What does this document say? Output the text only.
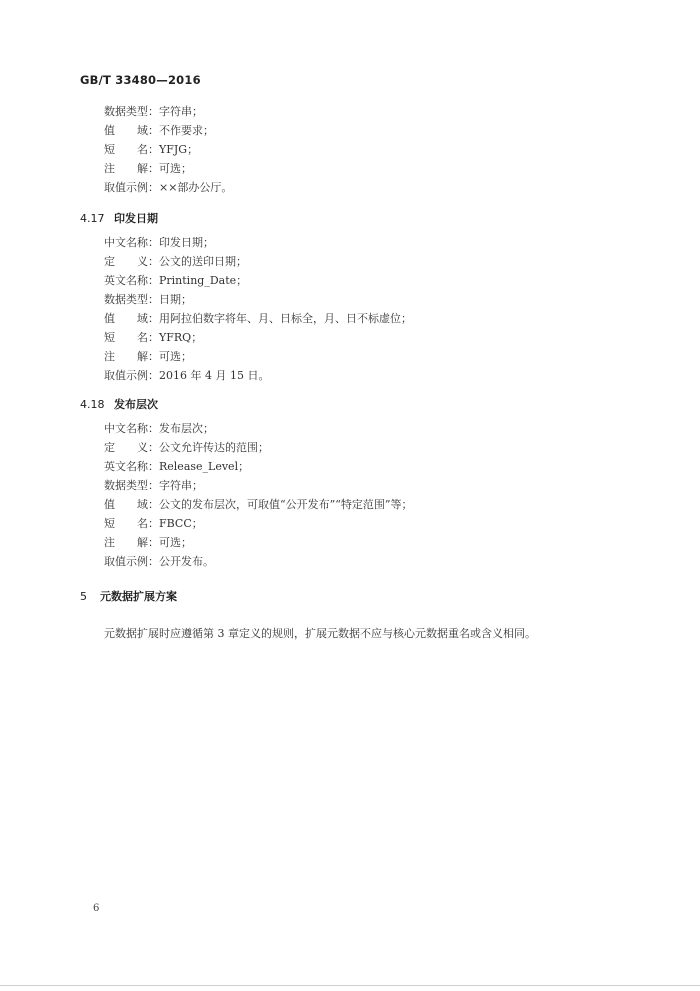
GB/T 33480—2016
数据类型：字符串；
值　　域：不作要求；
短　　名：YFJG；
注　　解：可选；
取值示例：××部办公厅。
4.17 印发日期
中文名称：印发日期；
定　　义：公文的送印日期；
英文名称：Printing_Date；
数据类型：日期；
值　　域：用阿拉伯数字将年、月、日标全，月、日不标虚位；
短　　名：YFRQ；
注　　解：可选；
取值示例：2016 年 4 月 15 日。
4.18 发布层次
中文名称：发布层次；
定　　义：公文允许传达的范围；
英文名称：Release_Level；
数据类型：字符串；
值　　域：公文的发布层次，可取值“公开发布”“特定范围”等；
短　　名：FBCC；
注　　解：可选；
取值示例：公开发布。
5 元数据扩展方案
元数据扩展时应遵循第 3 章定义的规则，扩展元数据不应与核心元数据重名或含义相同。
6
